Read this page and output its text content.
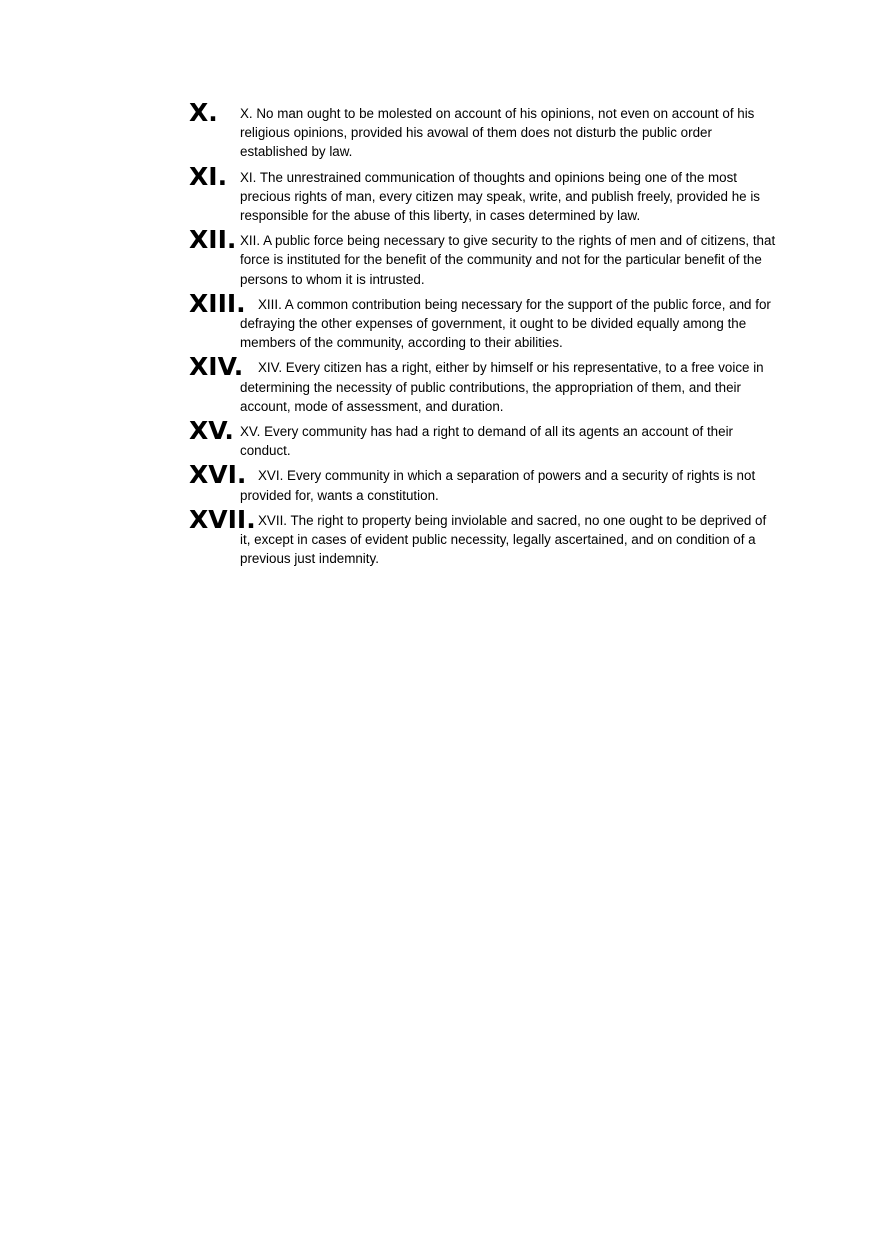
X. X. No man ought to be molested on account of his opinions, not even on account of his religious opinions, provided his avowal of them does not disturb the public order established by law.
XI. XI. The unrestrained communication of thoughts and opinions being one of the most precious rights of man, every citizen may speak, write, and publish freely, provided he is responsible for the abuse of this liberty, in cases determined by law.
XII. XII. A public force being necessary to give security to the rights of men and of citizens, that force is instituted for the benefit of the community and not for the particular benefit of the persons to whom it is intrusted.
XIII. XIII. A common contribution being necessary for the support of the public force, and for defraying the other expenses of government, it ought to be divided equally among the members of the community, according to their abilities.
XIV.	XIV. Every citizen has a right, either by himself or his representative, to a free voice in determining the necessity of public contributions, the appropriation of them, and their account, mode of assessment, and duration.
XV. XV. Every community has had a right to demand of all its agents an account of their conduct.
XVI. XVI. Every community in which a separation of powers and a security of rights is not provided for, wants a constitution.
XVII. XVII. The right to property being inviolable and sacred, no one ought to be deprived of it, except in cases of evident public necessity, legally ascertained, and on condition of a previous just indemnity.
